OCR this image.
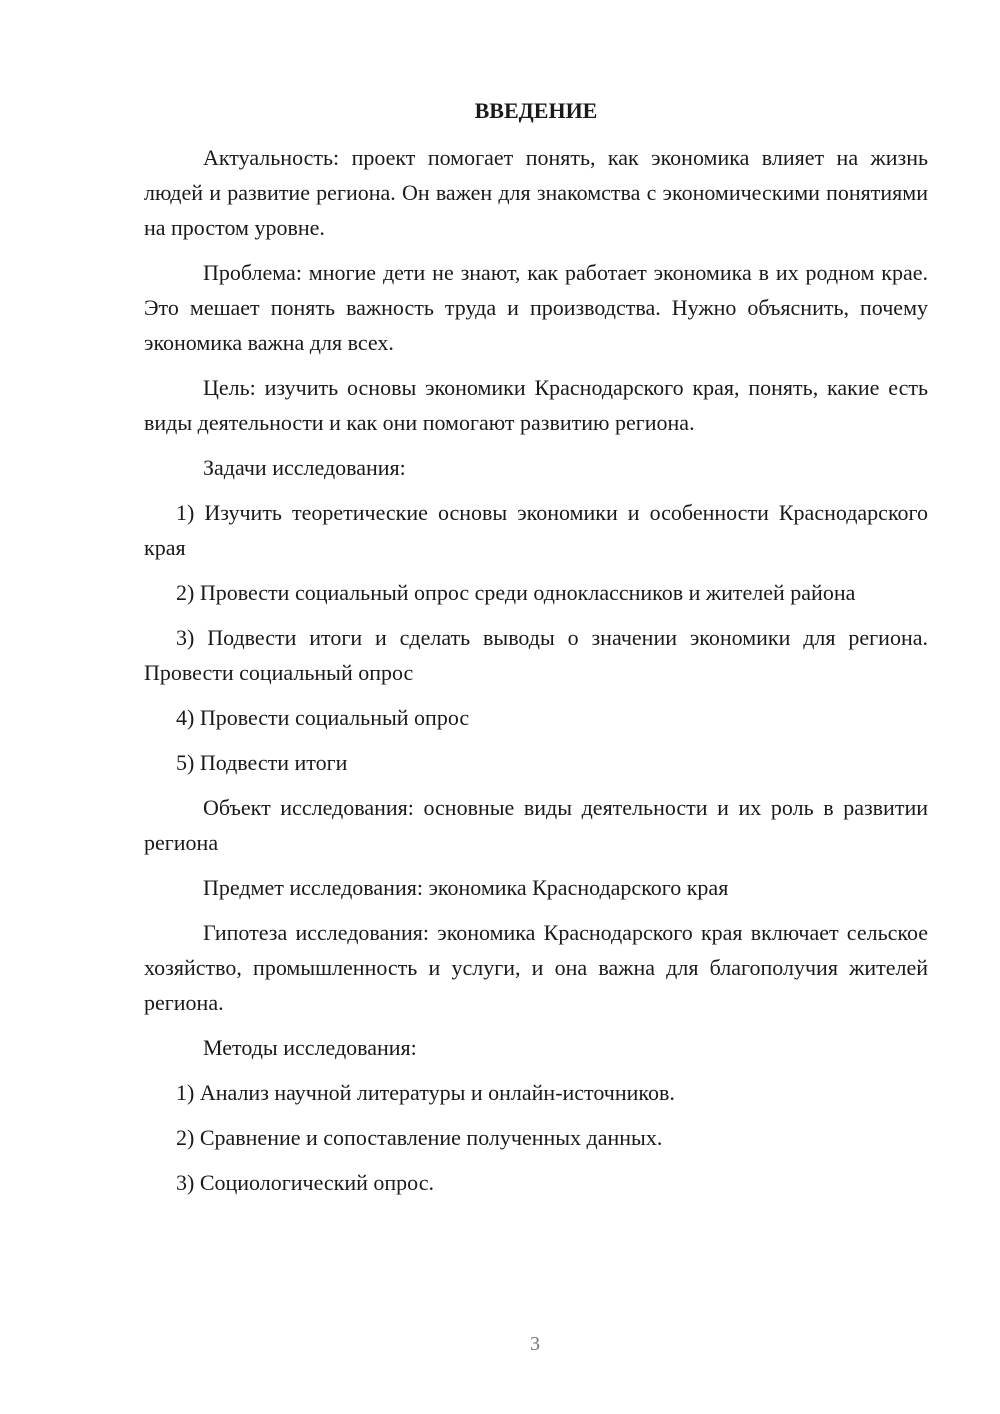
ВВЕДЕНИЕ

Актуальность: проект помогает понять, как экономика влияет на жизнь людей и развитие региона. Он важен для знакомства с экономическими понятиями на простом уровне.

Проблема: многие дети не знают, как работает экономика в их родном крае. Это мешает понять важность труда и производства. Нужно объяснить, почему экономика важна для всех.

Цель: изучить основы экономики Краснодарского края, понять, какие есть виды деятельности и как они помогают развитию региона.

Задачи исследования:

1) Изучить теоретические основы экономики и особенности Краснодарского края

2) Провести социальный опрос среди одноклассников и жителей района

3) Подвести итоги и сделать выводы о значении экономики для региона. Провести социальный опрос

4) Провести социальный опрос

5) Подвести итоги

Объект исследования: основные виды деятельности и их роль в развитии региона

Предмет исследования: экономика Краснодарского края

Гипотеза исследования: экономика Краснодарского края включает сельское хозяйство, промышленность и услуги, и она важна для благополучия жителей региона.

Методы исследования:

1) Анализ научной литературы и онлайн-источников.

2) Сравнение и сопоставление полученных данных.

3) Социологический опрос.

3
